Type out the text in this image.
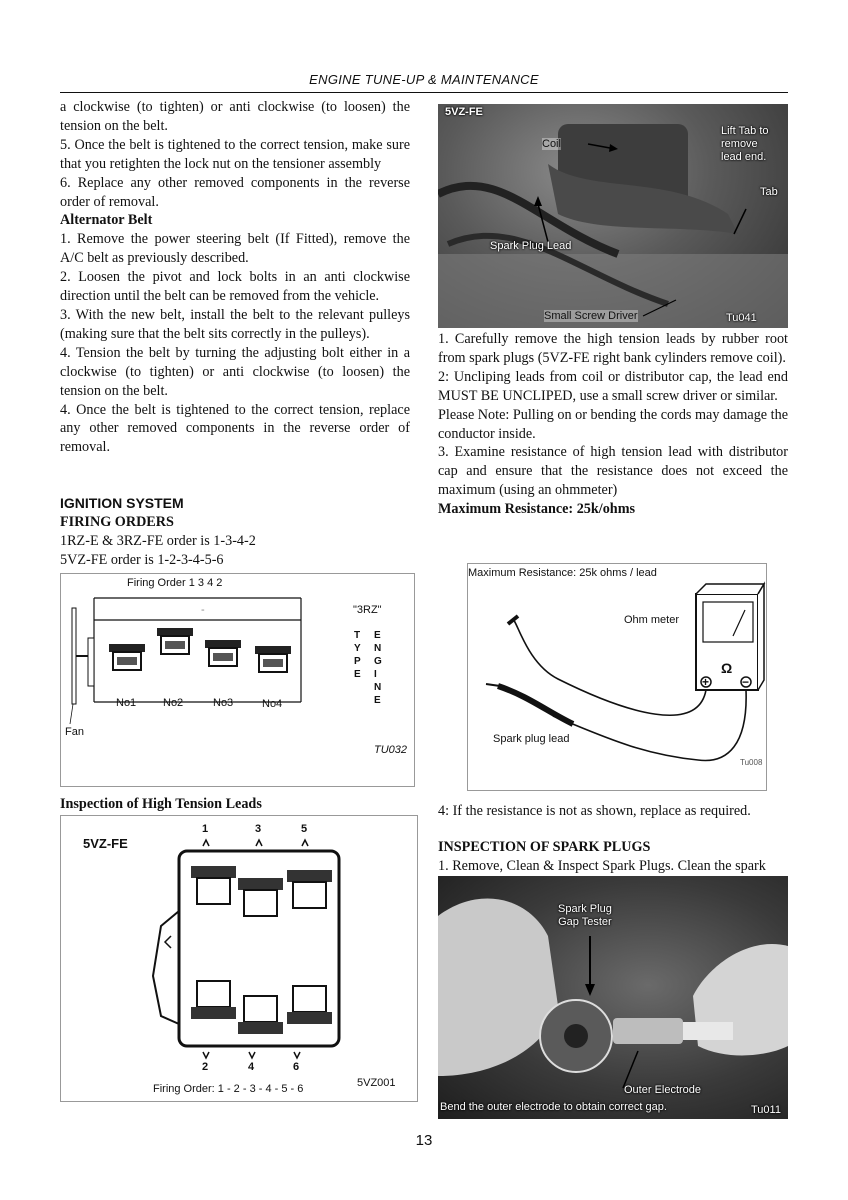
ENGINE TUNE-UP & MAINTENANCE

a clockwise (to tighten) or anti clockwise (to loosen) the tension on the belt.

5. Once the belt is tightened to the correct tension, make sure that you retighten the lock nut on the tensioner assembly

6. Replace any other removed components in the reverse order of removal.

Alternator Belt

1. Remove the power steering belt (If Fitted), remove the A/C belt as previously described.

2. Loosen the pivot and lock bolts in an anti clockwise direction until the belt can be removed from the vehicle.

3. With the new belt, install the belt to the relevant pulleys (making sure that the belt sits correctly in the pulleys).

4. Tension the belt by turning the adjusting bolt either in a clockwise (to tighten) or anti clockwise (to loosen) the tension on the belt.

4. Once the belt is tightened to the correct tension, replace any other removed components in the reverse order of removal.

IGNITION SYSTEM

FIRING ORDERS

1RZ-E & 3RZ-FE order is 1-3-4-2

5VZ-FE order is 1-2-3-4-5-6

Firing Order 1 3 4 2
-	"3RZ"
T
Y
P
E
E
N
G
I
N
E
No1 No2	No3	No4
Fan
TU032

Inspection of High Tension Leads

5VZ-FE
1	3	5
2	4	6
Firing Order: 1 - 2 - 3 - 4 - 5 - 6	5VZ001
5VZ-FE
Coil
Lift Tab to
remove
lead end.
Tab
Spark Plug Lead
Small Screw Driver	Tu041

1. Carefully remove the high tension leads by rubber root from spark plugs (5VZ-FE right bank cylinders remove coil).

2: Uncliping leads from coil or distributor cap, the lead end MUST BE UNCLIPED, use a small screw driver or similar.

Please Note: Pulling on or bending the cords may damage the conductor inside.

3. Examine resistance of high tension lead with distributor cap and ensure that the resistance does not exceed the maximum (using an ohmmeter)

Maximum Resistance: 25k/ohms

Maximum Resistance: 25k ohms / lead
Ohm meter
Ω
+	−
Spark plug lead
Tu008

4: If the resistance is not as shown, replace as required.

INSPECTION OF SPARK PLUGS

1. Remove, Clean & Inspect Spark Plugs. Clean the spark

Spark Plug
Gap Tester
Outer Electrode
Bend the outer electrode to obtain correct gap.	Tu011
13
